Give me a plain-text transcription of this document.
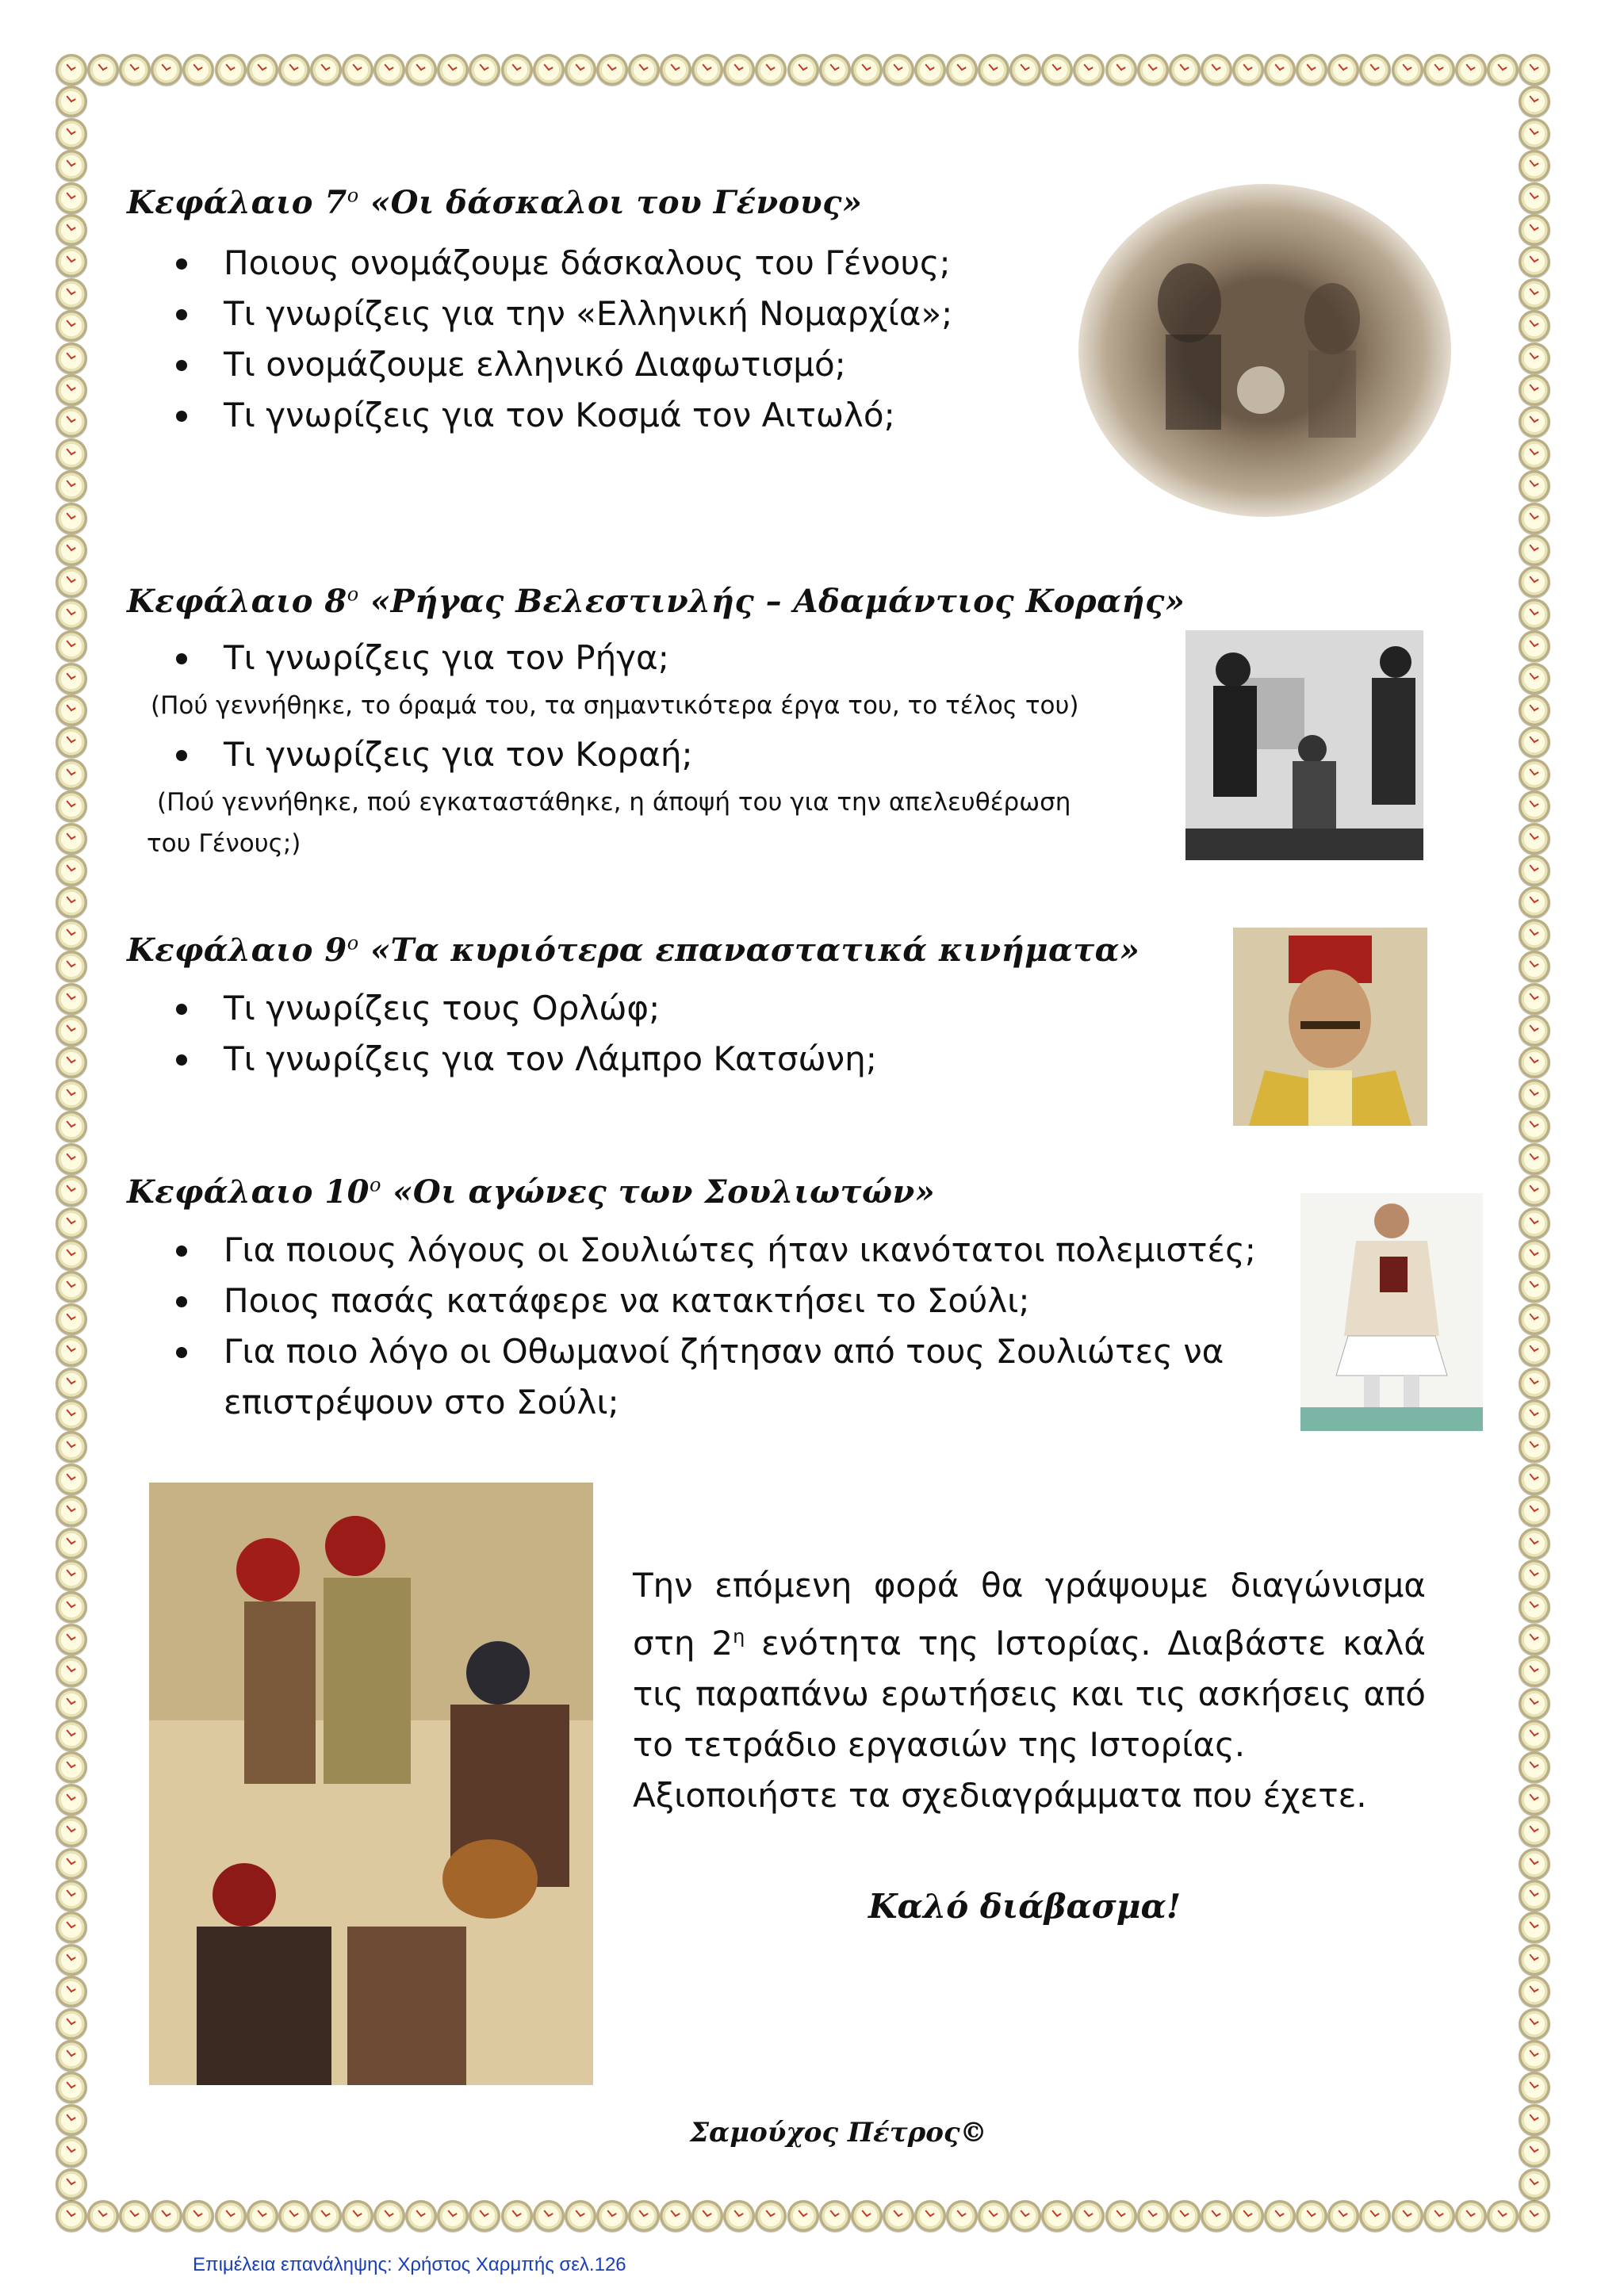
Κεφάλαιο $7^o$ «Οι δάσκαλοι του Γένους»
Ποιους ονομάζουμε δάσκαλους του Γένους;
Τι γνωρίζεις για την «Ελληνική Νομαρχία»;
Τι ονομάζουμε ελληνικό Διαφωτισμό;
Τι γνωρίζεις για τον Κοσμά τον Αιτωλό;
Κεφάλαιο $8^o$ «Ρήγας Βελεστινλής – Αδαμάντιος Κοραής»
Τι γνωρίζεις για τον Ρήγα;
(Πού γεννήθηκε, το όραμά του, τα σημαντικότερα έργα του, το τέλος του)
Τι γνωρίζεις για τον Κοραή;
(Πού γεννήθηκε, πού εγκαταστάθηκε, η άποψή του για την απελευθέρωση
του Γένους;)
Κεφάλαιο $9^o$ «Τα κυριότερα επαναστατικά κινήματα»
Τι γνωρίζεις τους Ορλώφ;
Τι γνωρίζεις για τον Λάμπρο Κατσώνη;
Κεφάλαιο $10^o$ «Οι αγώνες των Σουλιωτών»
Για ποιους λόγους οι Σουλιώτες ήταν ικανότατοι πολεμιστές;
Ποιος πασάς κατάφερε να κατακτήσει το Σούλι;
Για ποιο λόγο οι Οθωμανοί ζήτησαν από τους Σουλιώτες να επιστρέψουν στο Σούλι;

Την επόμενη φορά θα γράψουμε διαγώνισμα στη $2^\eta$ ενότητα της Ιστορίας. Διαβάστε καλά τις παραπάνω ερωτήσεις και τις ασκήσεις από το τετράδιο εργασιών της Ιστορίας.

Αξιοποιήστε τα σχεδιαγράμματα που έχετε.

Καλό διάβασμα!
Σαμούχος Πέτρος©
Επιμέλεια επανάληψης: Χρήστος Χαρμπής σελ.126
